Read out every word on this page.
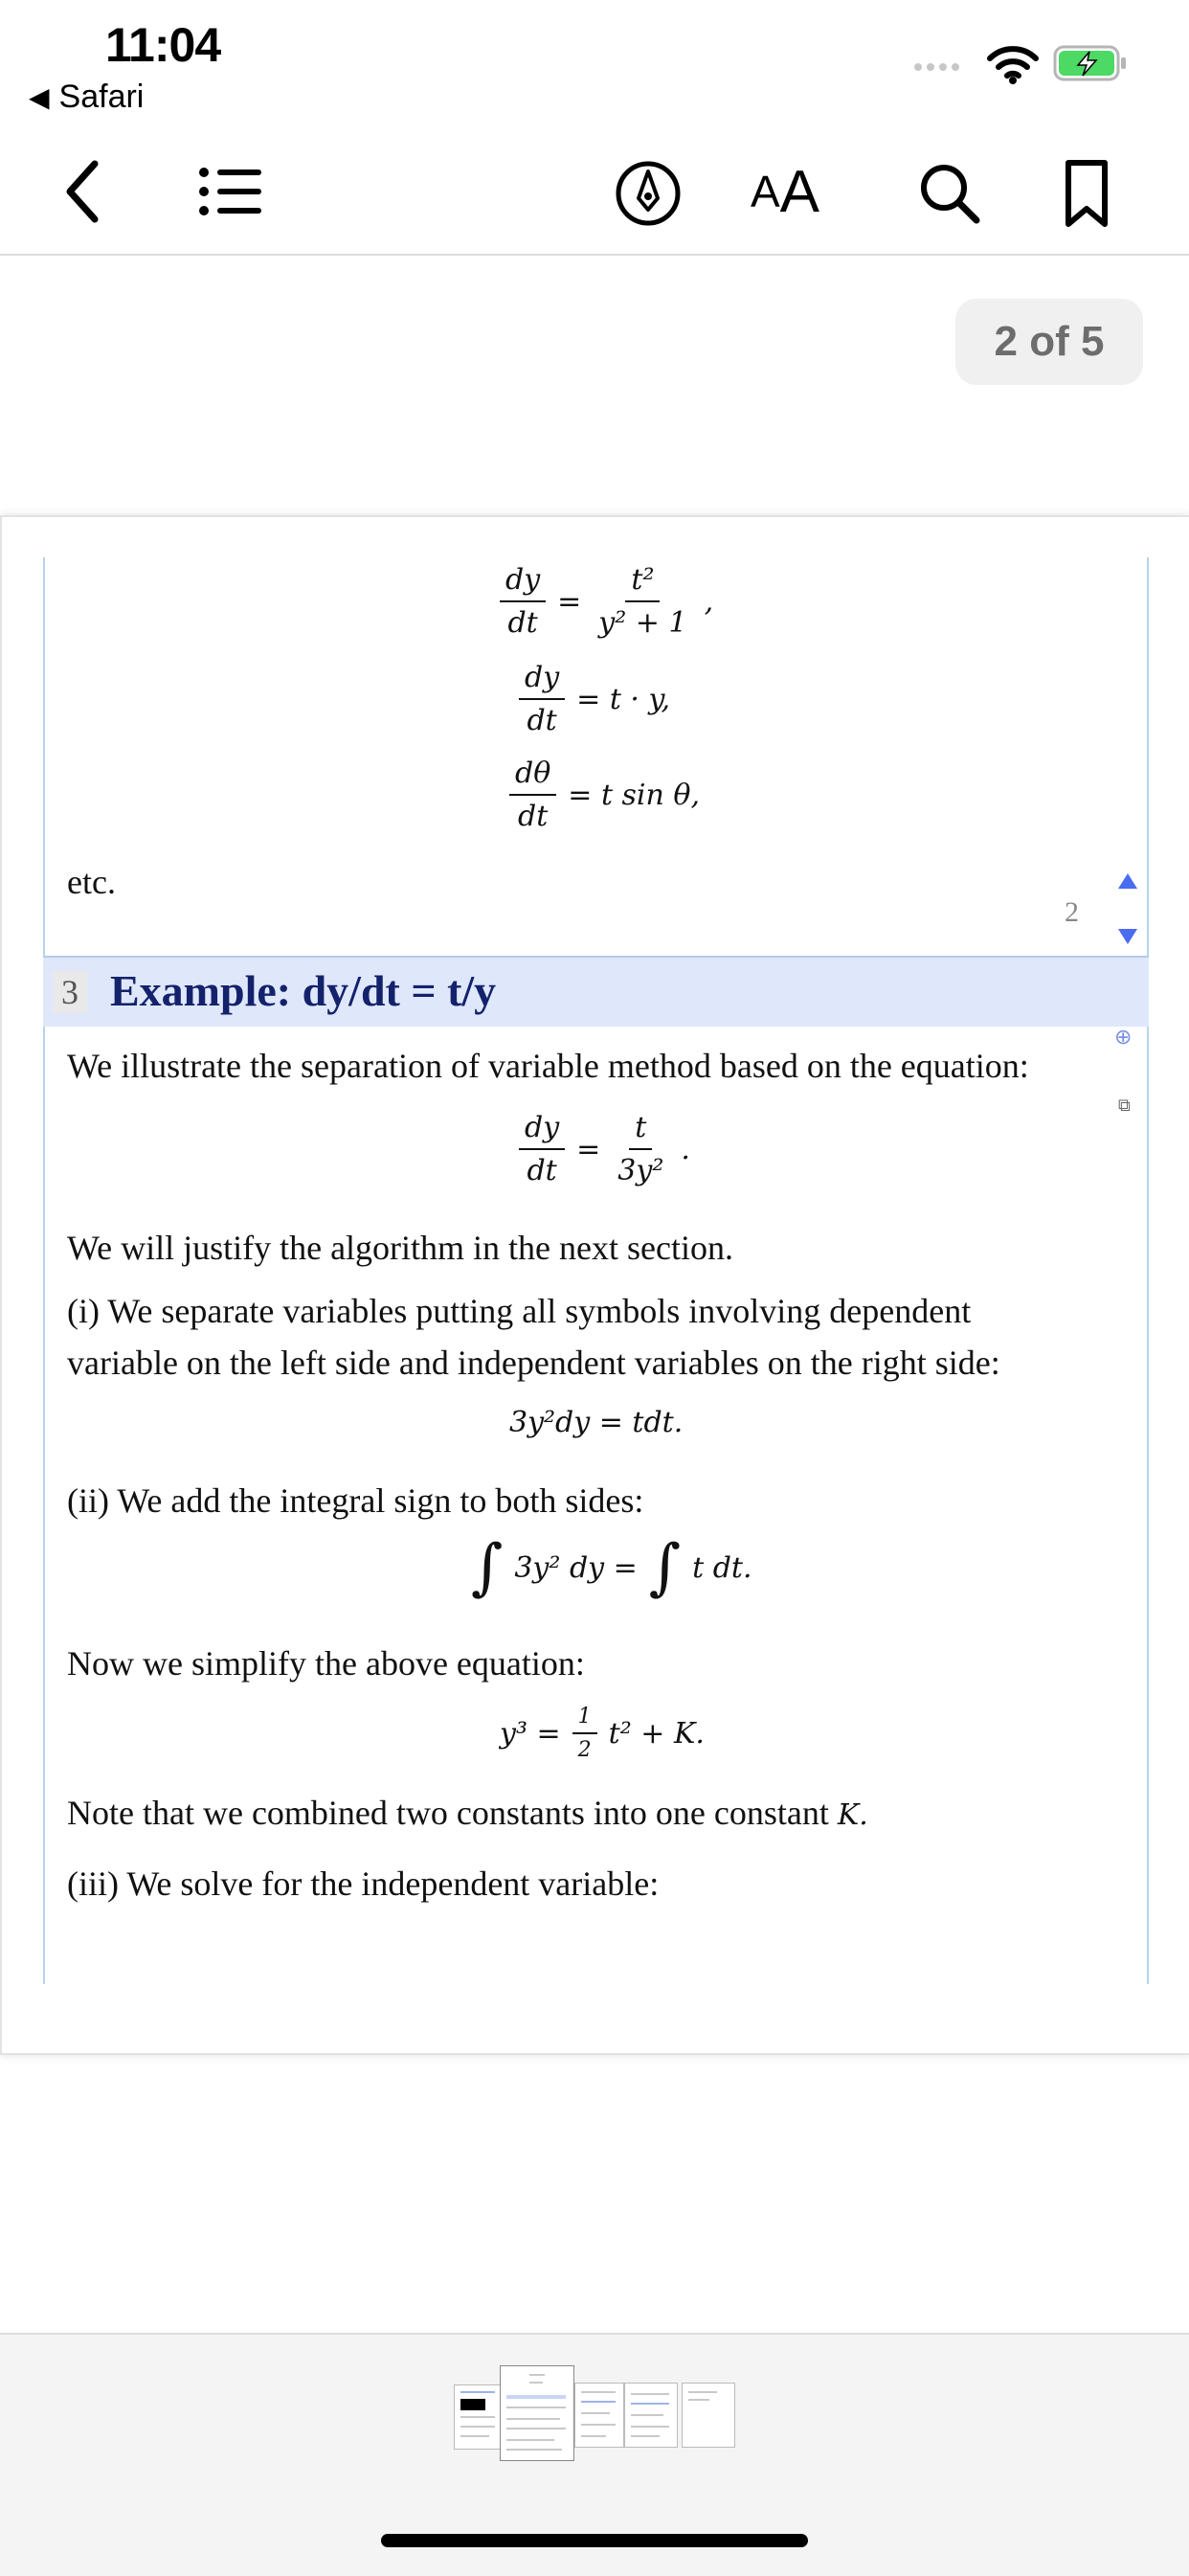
11:04
◀ Safari
A A
2 of 5
$\frac{dy}{dt} = \frac{\text{t²}}{\text{y² + 1}}$ ,
$\frac{dy}{dt} = t \cdot y$,
$\frac{d\theta}{dt} = t$ sin θ,
etc.
2
3 Example: dy/dt = t/y
⊕
⧉
We illustrate the separation of variable method based on the equation:
$\frac{dy}{dt} = \frac{t}{\text{3y²}}$ .
We will justify the algorithm in the next section.
(i) We separate variables putting all symbols involving dependent
variable on the left side and independent variables on the right side:
3y²dy = tdt.
(ii) We add the integral sign to both sides:
∫ 3y² dy = ∫ t dt.
Now we simplify the above equation:
$y^3 = \frac{1}{2} t^2 + K$.
Note that we combined two constants into one constant K.
(iii) We solve for the independent variable:
